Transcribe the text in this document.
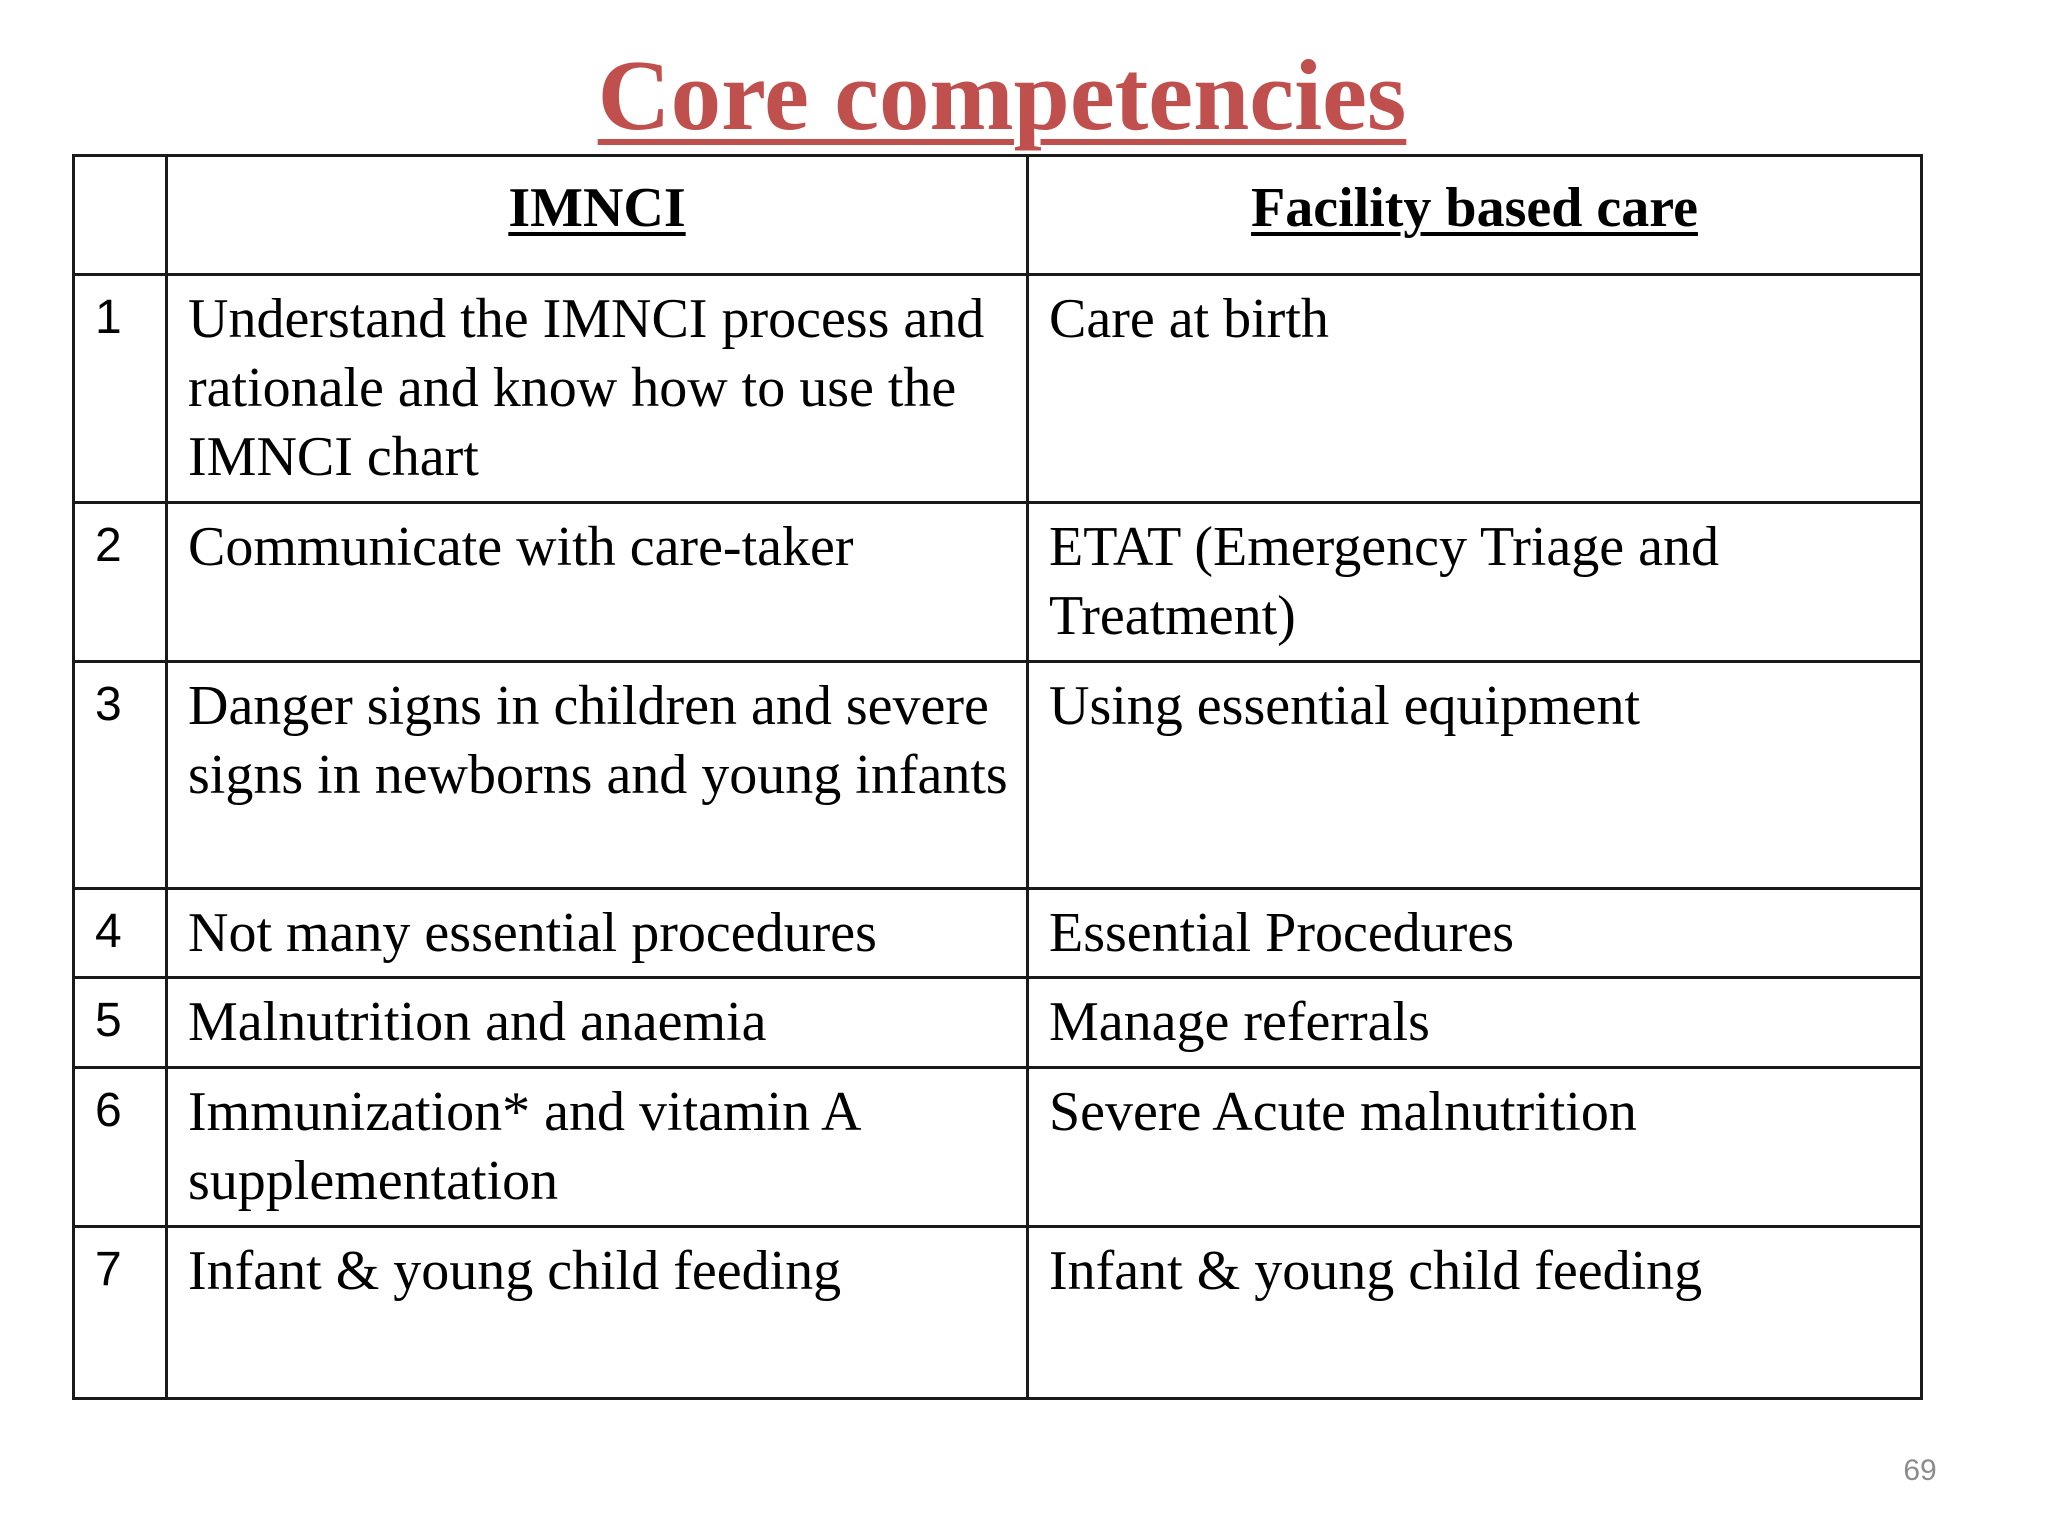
Core competencies
	IMNCI	Facility based care
1	Understand the IMNCI process and rationale and know how to use the IMNCI chart	Care at birth
2	Communicate with care-taker	ETAT (Emergency Triage and Treatment)
3	Danger signs in children and severe signs in newborns and young infants	Using essential equipment
4	Not many essential procedures	Essential Procedures
5	Malnutrition and anaemia	Manage referrals
6	Immunization* and vitamin A supplementation	Severe Acute malnutrition
7	Infant & young child feeding	Infant & young child feeding
69
